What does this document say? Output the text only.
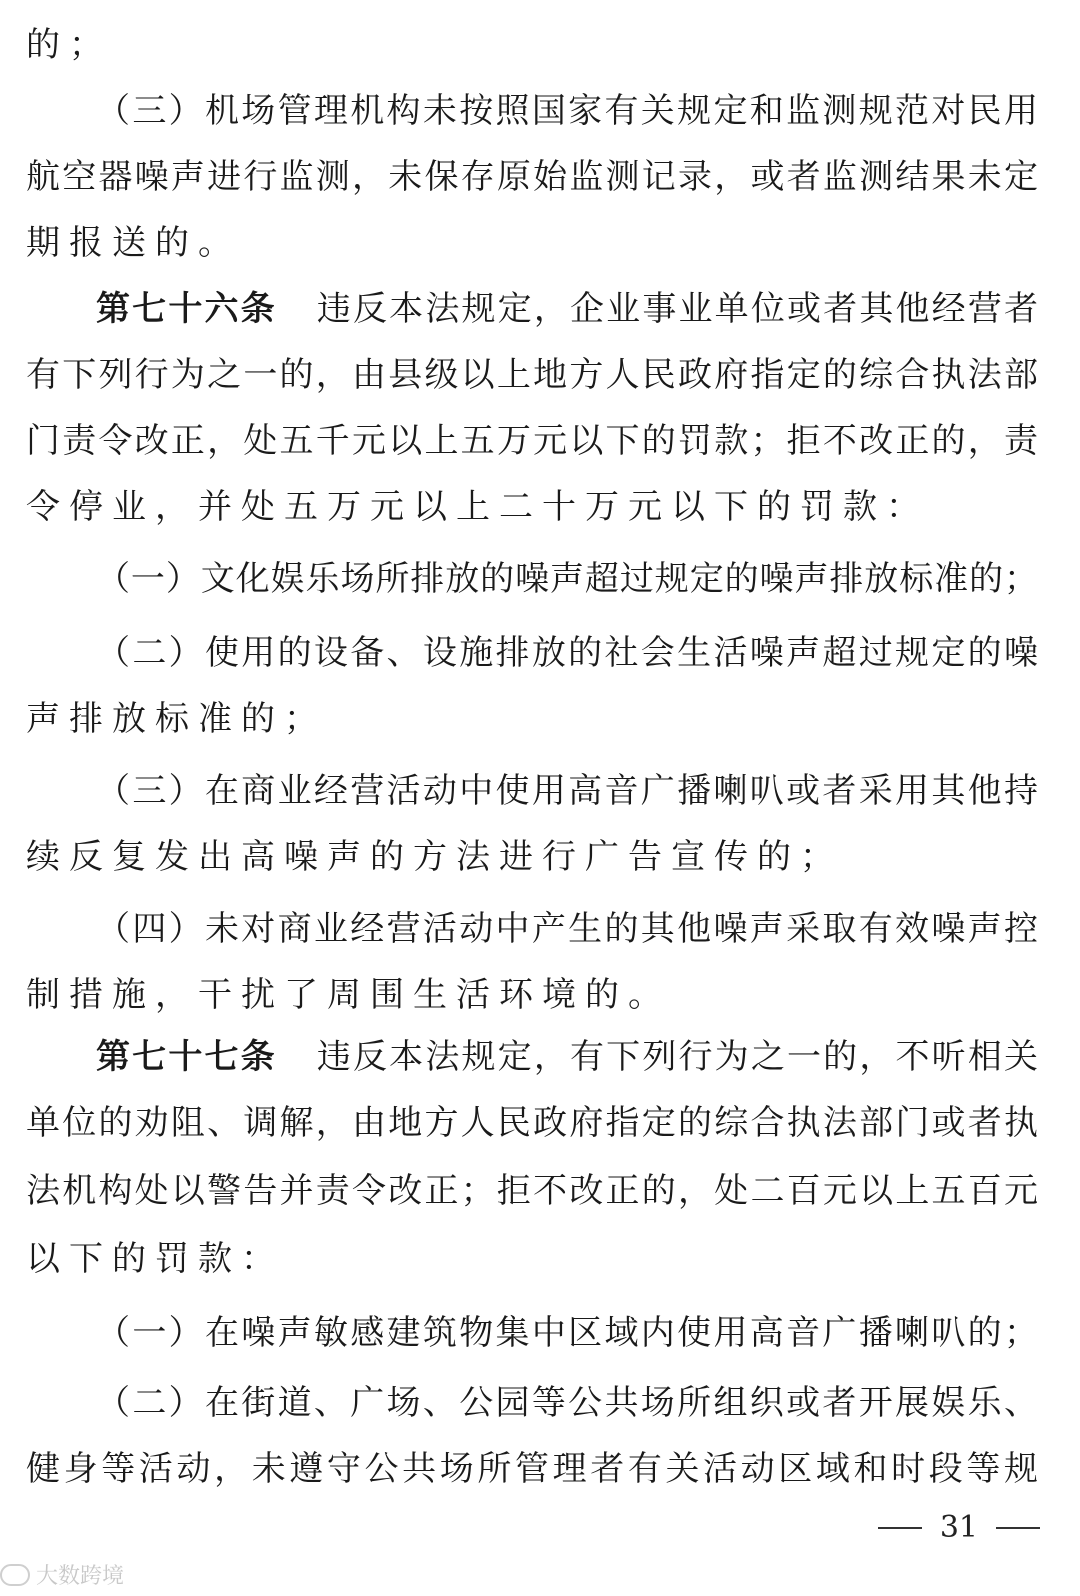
的；
（三）机场管理机构未按照国家有关规定和监测规范对民用
航空器噪声进行监测，未保存原始监测记录，或者监测结果未定
期报送的。
第七十六条 违反本法规定，企业事业单位或者其他经营者
有下列行为之一的，由县级以上地方人民政府指定的综合执法部
门责令改正，处五千元以上五万元以下的罚款；拒不改正的，责
令停业，并处五万元以上二十万元以下的罚款：
（一）文化娱乐场所排放的噪声超过规定的噪声排放标准的；
（二）使用的设备、设施排放的社会生活噪声超过规定的噪
声排放标准的；
（三）在商业经营活动中使用高音广播喇叭或者采用其他持
续反复发出高噪声的方法进行广告宣传的；
（四）未对商业经营活动中产生的其他噪声采取有效噪声控
制措施，干扰了周围生活环境的。
第七十七条 违反本法规定，有下列行为之一的，不听相关
单位的劝阻、调解，由地方人民政府指定的综合执法部门或者执
法机构处以警告并责令改正；拒不改正的，处二百元以上五百元
以下的罚款：
（一）在噪声敏感建筑物集中区域内使用高音广播喇叭的；
（二）在街道、广场、公园等公共场所组织或者开展娱乐、
健身等活动，未遵守公共场所管理者有关活动区域和时段等规
31
大数跨境
